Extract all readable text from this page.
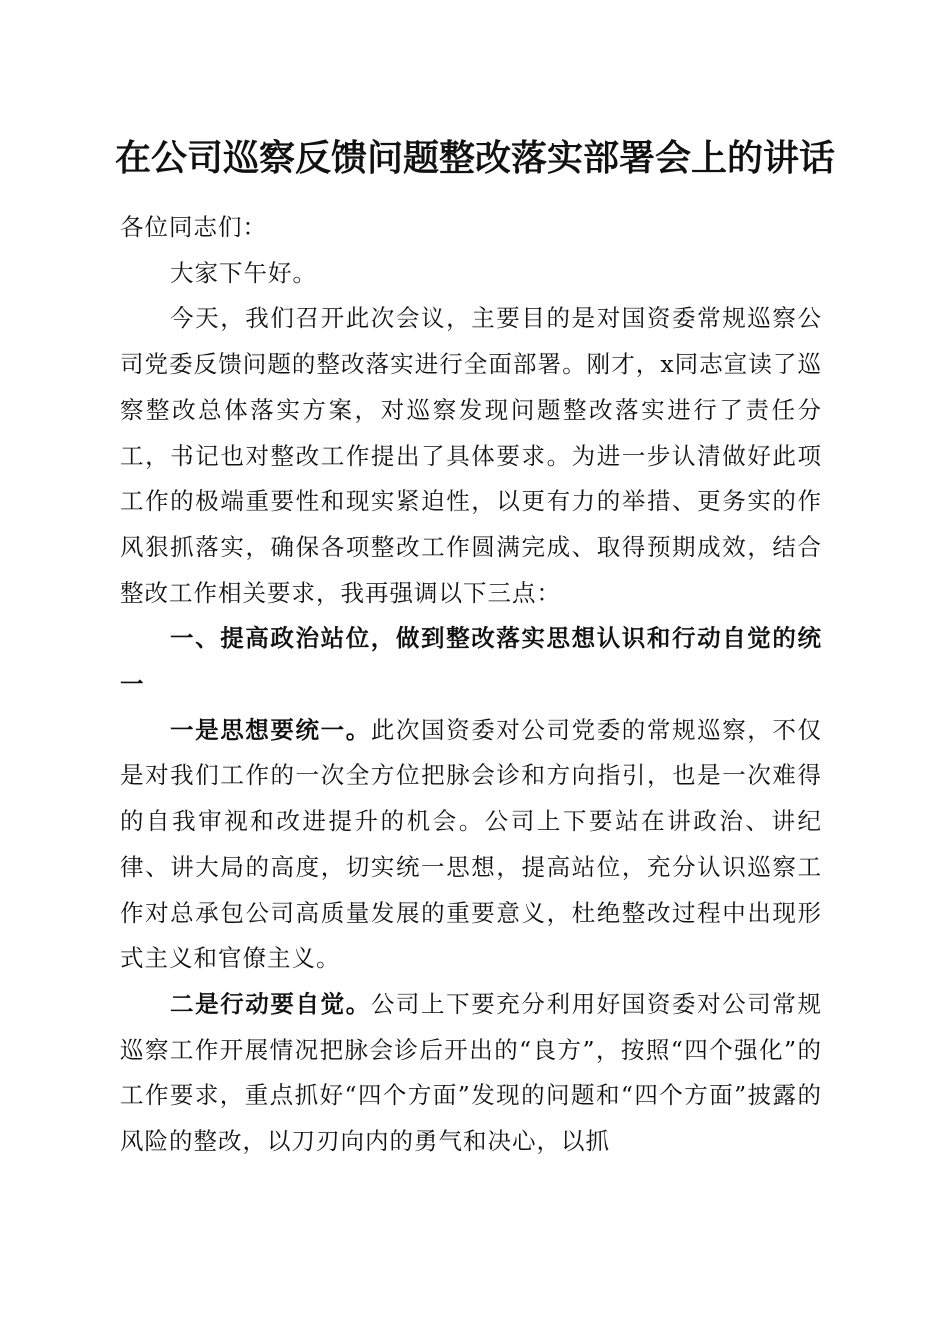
在公司巡察反馈问题整改落实部署会上的讲话

各位同志们：

大家下午好。

今天，我们召开此次会议，主要目的是对国资委常规巡察公司党委反馈问题的整改落实进行全面部署。刚才，x同志宣读了巡察整改总体落实方案，对巡察发现问题整改落实进行了责任分工，书记也对整改工作提出了具体要求。为进一步认清做好此项工作的极端重要性和现实紧迫性，以更有力的举措、更务实的作风狠抓落实，确保各项整改工作圆满完成、取得预期成效，结合整改工作相关要求，我再强调以下三点：

一、提高政治站位，做到整改落实思想认识和行动自觉的统一

一是思想要统一。此次国资委对公司党委的常规巡察，不仅是对我们工作的一次全方位把脉会诊和方向指引，也是一次难得的自我审视和改进提升的机会。公司上下要站在讲政治、讲纪律、讲大局的高度，切实统一思想，提高站位，充分认识巡察工作对总承包公司高质量发展的重要意义，杜绝整改过程中出现形式主义和官僚主义。

二是行动要自觉。公司上下要充分利用好国资委对公司常规巡察工作开展情况把脉会诊后开出的“良方”，按照“四个强化”的工作要求，重点抓好“四个方面”发现的问题和“四个方面”披露的风险的整改，以刀刃向内的勇气和决心，以抓
